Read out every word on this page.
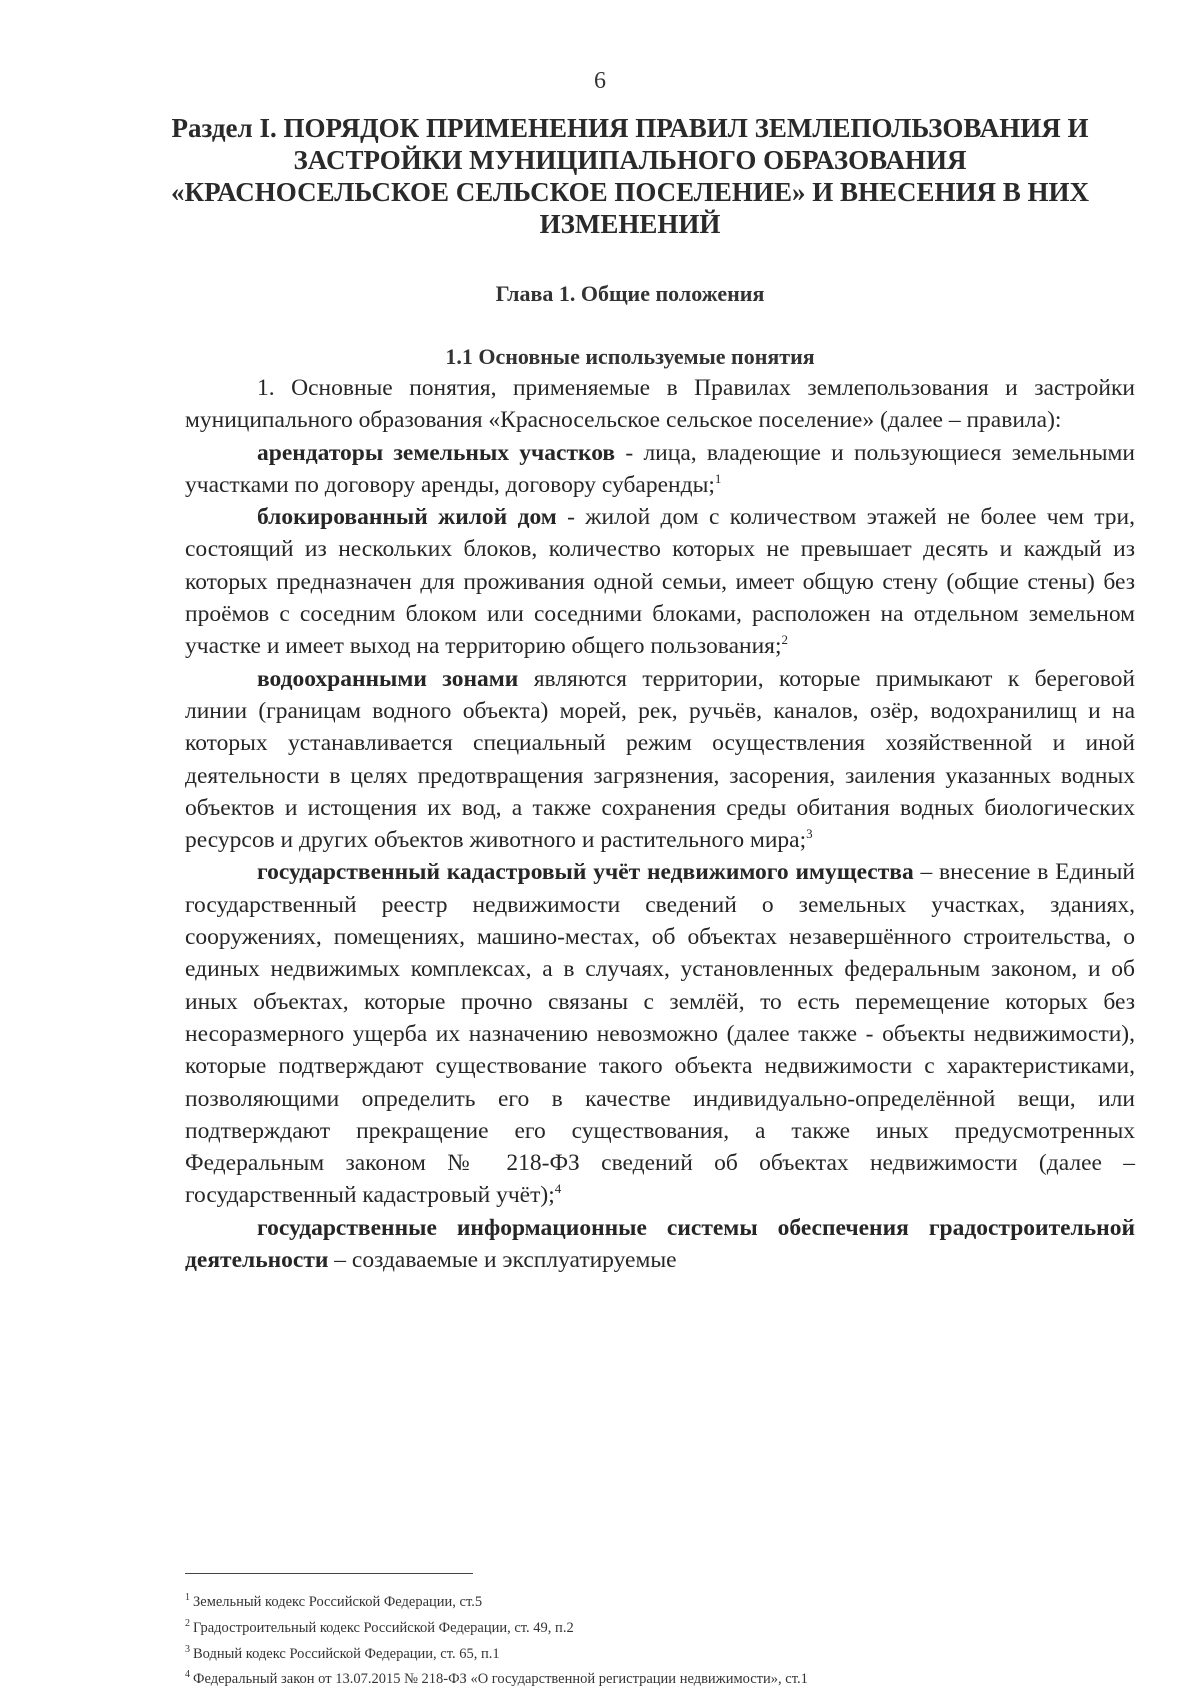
6
Раздел I. ПОРЯДОК ПРИМЕНЕНИЯ ПРАВИЛ ЗЕМЛЕПОЛЬЗОВАНИЯ И ЗАСТРОЙКИ МУНИЦИПАЛЬНОГО ОБРАЗОВАНИЯ «КРАСНОСЕЛЬСКОЕ СЕЛЬСКОЕ ПОСЕЛЕНИЕ» И ВНЕСЕНИЯ В НИХ ИЗМЕНЕНИЙ
Глава 1. Общие положения
1.1 Основные используемые понятия

1. Основные понятия, применяемые в Правилах землепользования и застройки муниципального образования «Красносельское сельское поселение» (далее – правила):

арендаторы земельных участков - лица, владеющие и пользующиеся земельными участками по договору аренды, договору субаренды;$^1$

блокированный жилой дом - жилой дом с количеством этажей не более чем три, состоящий из нескольких блоков, количество которых не превышает десять и каждый из которых предназначен для проживания одной семьи, имеет общую стену (общие стены) без проёмов с соседним блоком или соседними блоками, расположен на отдельном земельном участке и имеет выход на территорию общего пользования;$^2$

водоохранными зонами являются территории, которые примыкают к береговой линии (границам водного объекта) морей, рек, ручьёв, каналов, озёр, водохранилищ и на которых устанавливается специальный режим осуществления хозяйственной и иной деятельности в целях предотвращения загрязнения, засорения, заиления указанных водных объектов и истощения их вод, а также сохранения среды обитания водных биологических ресурсов и других объектов животного и растительного мира;$^3$

государственный кадастровый учёт недвижимого имущества – внесение в Единый государственный реестр недвижимости сведений о земельных участках, зданиях, сооружениях, помещениях, машино-местах, об объектах незавершённого строительства, о единых недвижимых комплексах, а в случаях, установленных федеральным законом, и об иных объектах, которые прочно связаны с землёй, то есть перемещение которых без несоразмерного ущерба их назначению невозможно (далее также - объекты недвижимости), которые подтверждают существование такого объекта недвижимости с характеристиками, позволяющими определить его в качестве индивидуально-определённой вещи, или подтверждают прекращение его существования, а также иных предусмотренных Федеральным законом № 218-ФЗ сведений об объектах недвижимости (далее – государственный кадастровый учёт);$^4$

государственные информационные системы обеспечения градостроительной деятельности – создаваемые и эксплуатируемые

$^1$ Земельный кодекс Российской Федерации, ст.5
$^2$ Градостроительный кодекс Российской Федерации, ст. 49, п.2
$^3$ Водный кодекс Российской Федерации, ст. 65, п.1
$^4$ Федеральный закон от 13.07.2015 № 218-ФЗ «О государственной регистрации недвижимости», ст.1
